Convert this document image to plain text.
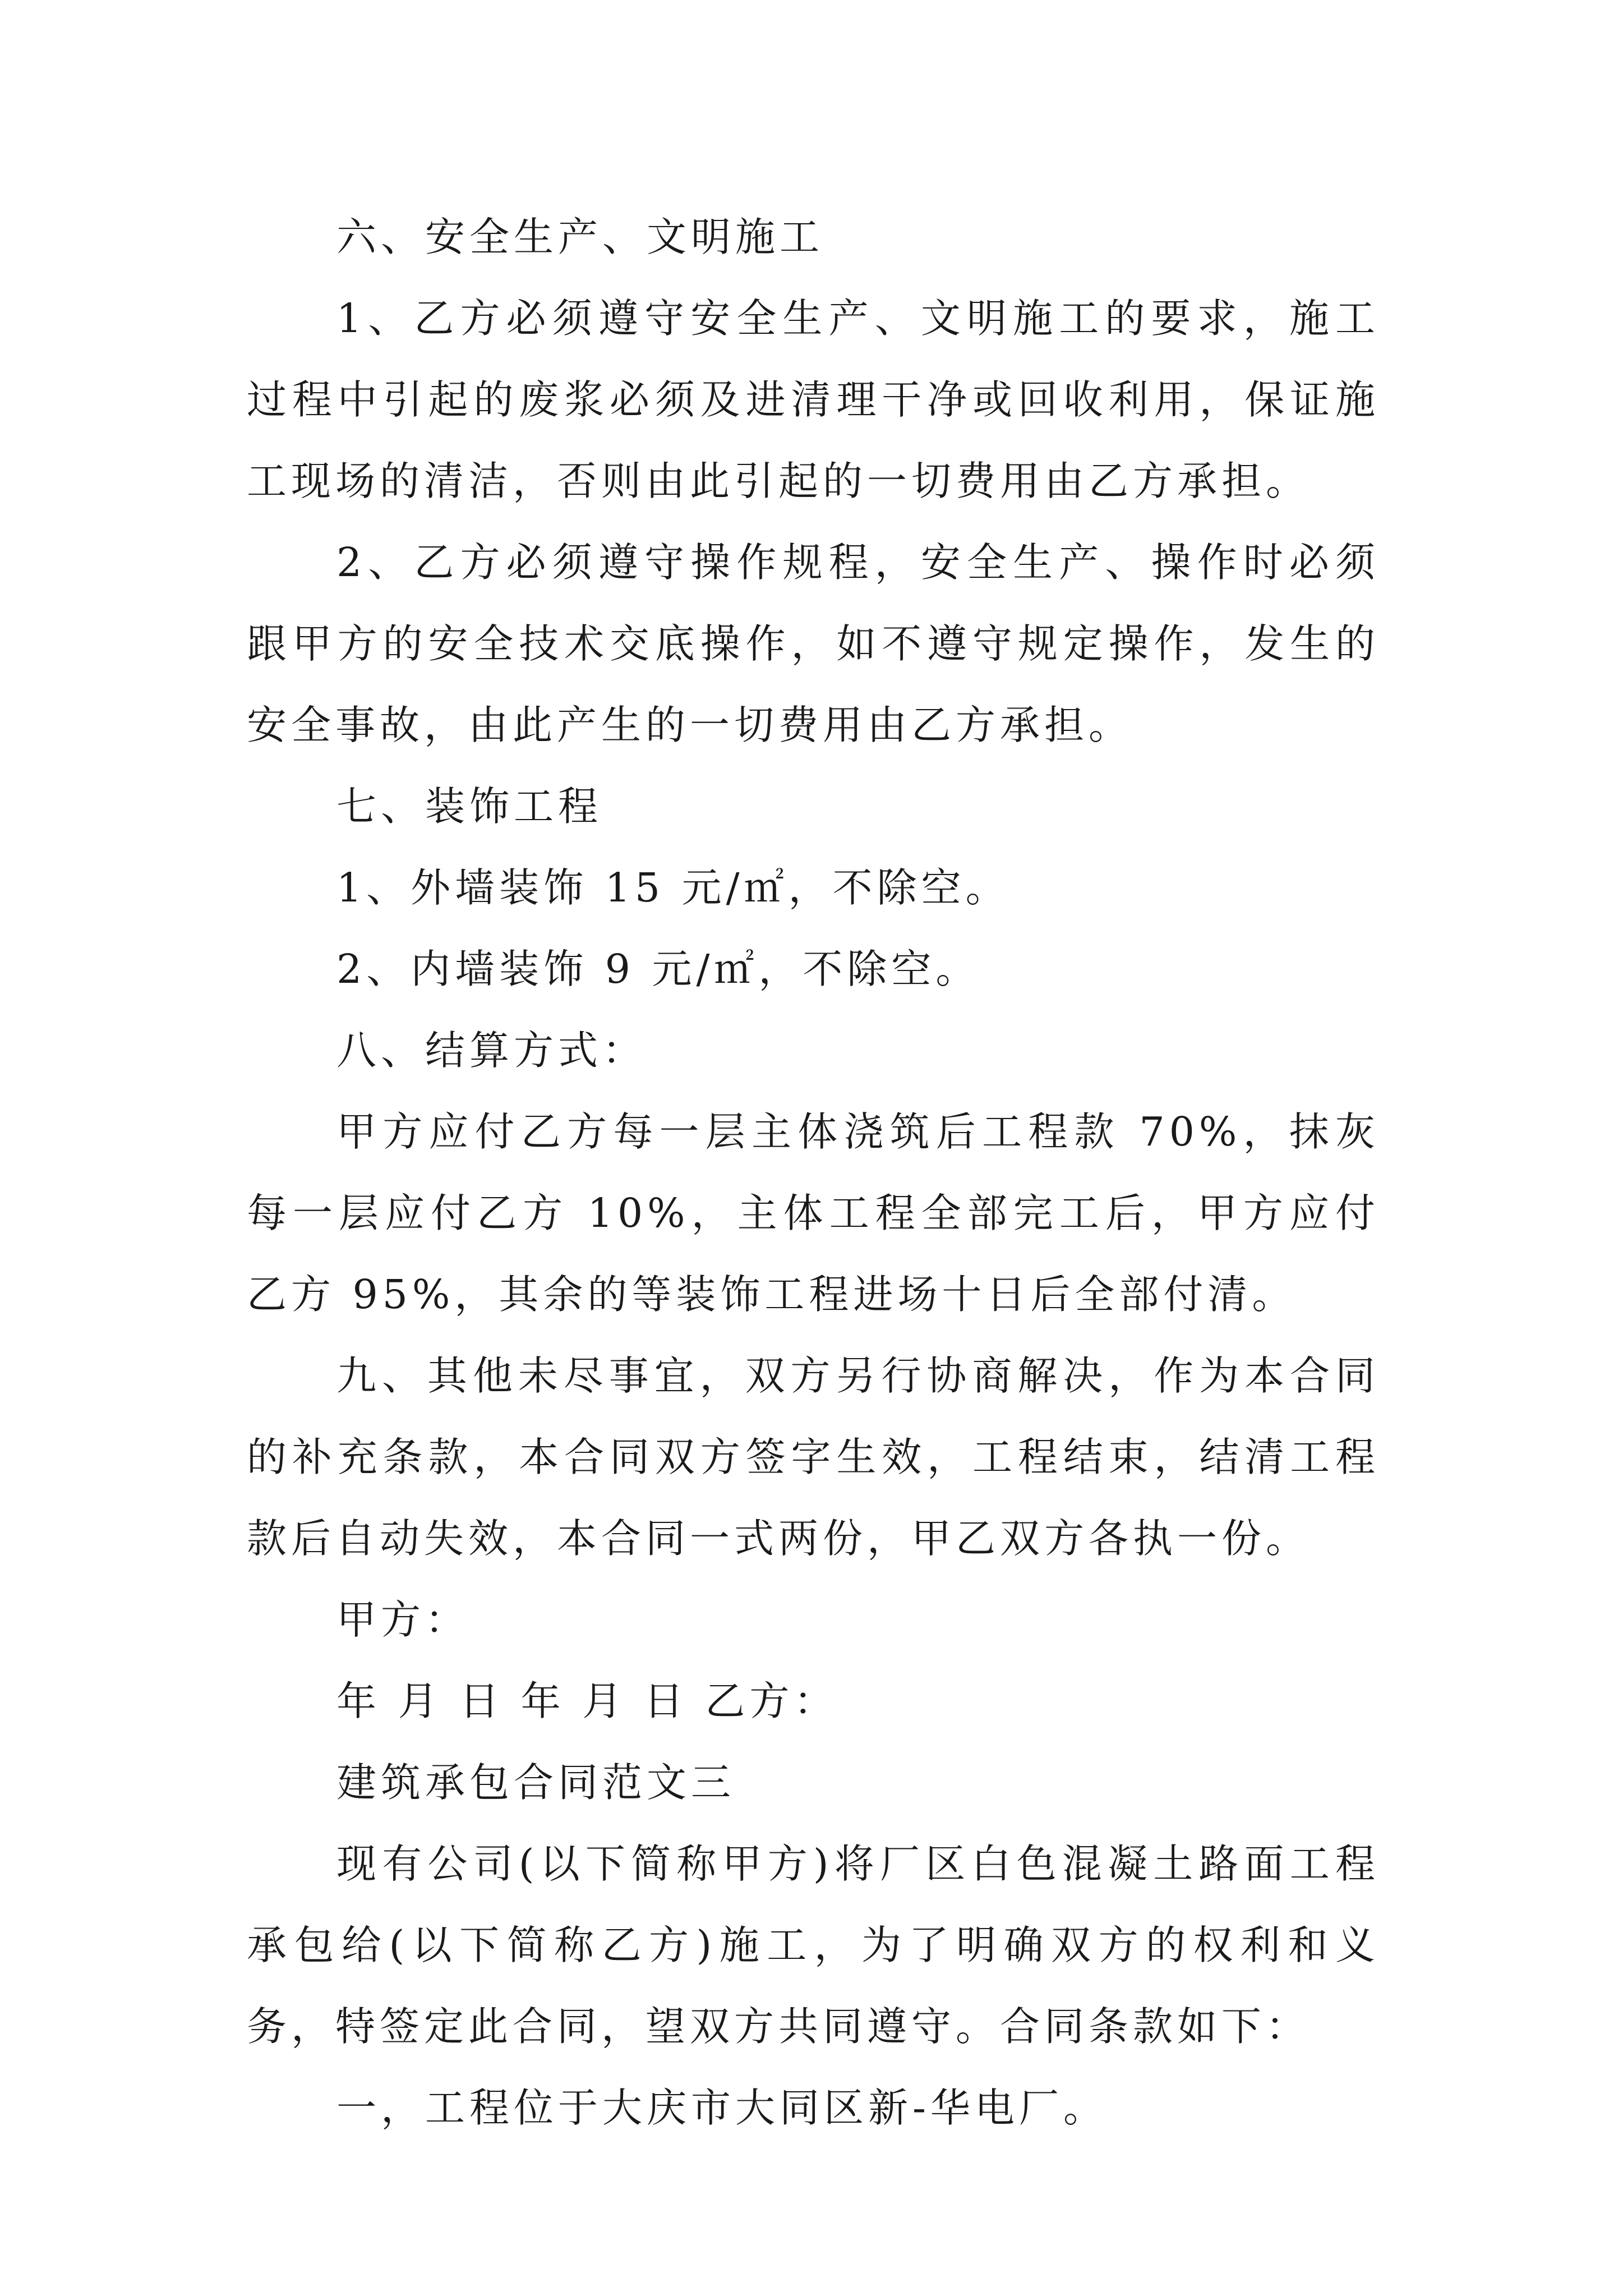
六、安全生产、文明施工

1、乙方必须遵守安全生产、文明施工的要求，施工过程中引起的废浆必须及进清理干净或回收利用，保证施工现场的清洁，否则由此引起的一切费用由乙方承担。

2、乙方必须遵守操作规程，安全生产、操作时必须跟甲方的安全技术交底操作，如不遵守规定操作，发生的安全事故，由此产生的一切费用由乙方承担。

七、装饰工程

1、外墙装饰 15 元/㎡，不除空。

2、内墙装饰 9 元/㎡，不除空。

八、结算方式：

甲方应付乙方每一层主体浇筑后工程款 70%，抹灰每一层应付乙方 10%，主体工程全部完工后，甲方应付乙方 95%，其余的等装饰工程进场十日后全部付清。

九、其他未尽事宜，双方另行协商解决，作为本合同的补充条款，本合同双方签字生效，工程结束，结清工程款后自动失效，本合同一式两份，甲乙双方各执一份。

甲方：

年 月 日 年 月 日 乙方：

建筑承包合同范文三

现有公司(以下简称甲方)将厂区白色混凝土路面工程承包给(以下简称乙方)施工，为了明确双方的权利和义务，特签定此合同，望双方共同遵守。合同条款如下：

一，工程位于大庆市大同区新-华电厂。
